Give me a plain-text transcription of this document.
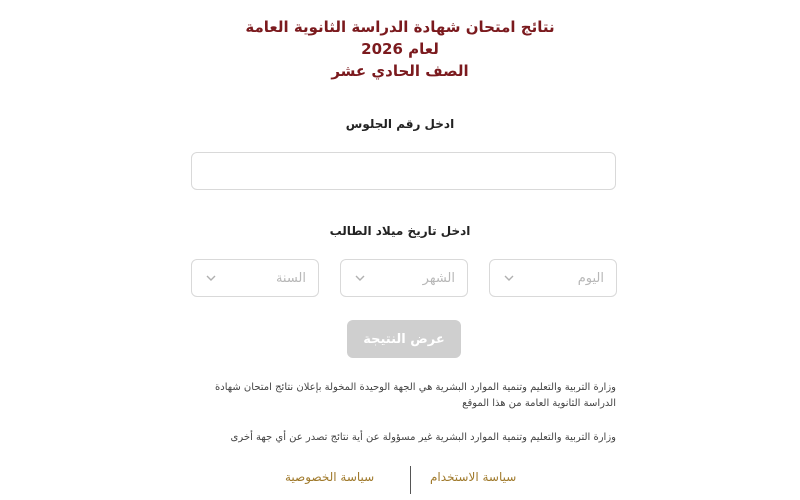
نتائج امتحان شهادة الدراسة الثانوية العامة
لعام 2026
الصف الحادي عشر
ادخل رقم الجلوس
ادخل تاريخ ميلاد الطالب
اليوم
الشهر
السنة
عرض النتيجة

وزارة التربية والتعليم وتنمية الموارد البشرية هي الجهة الوحيدة المخولة بإعلان نتائج امتحان شهادة الدراسة الثانوية العامة من هذا الموقع

وزارة التربية والتعليم وتنمية الموارد البشرية غير مسؤولة عن أية نتائج تصدر عن أي جهة أخرى

سياسة الاستخدام
سياسة الخصوصية
